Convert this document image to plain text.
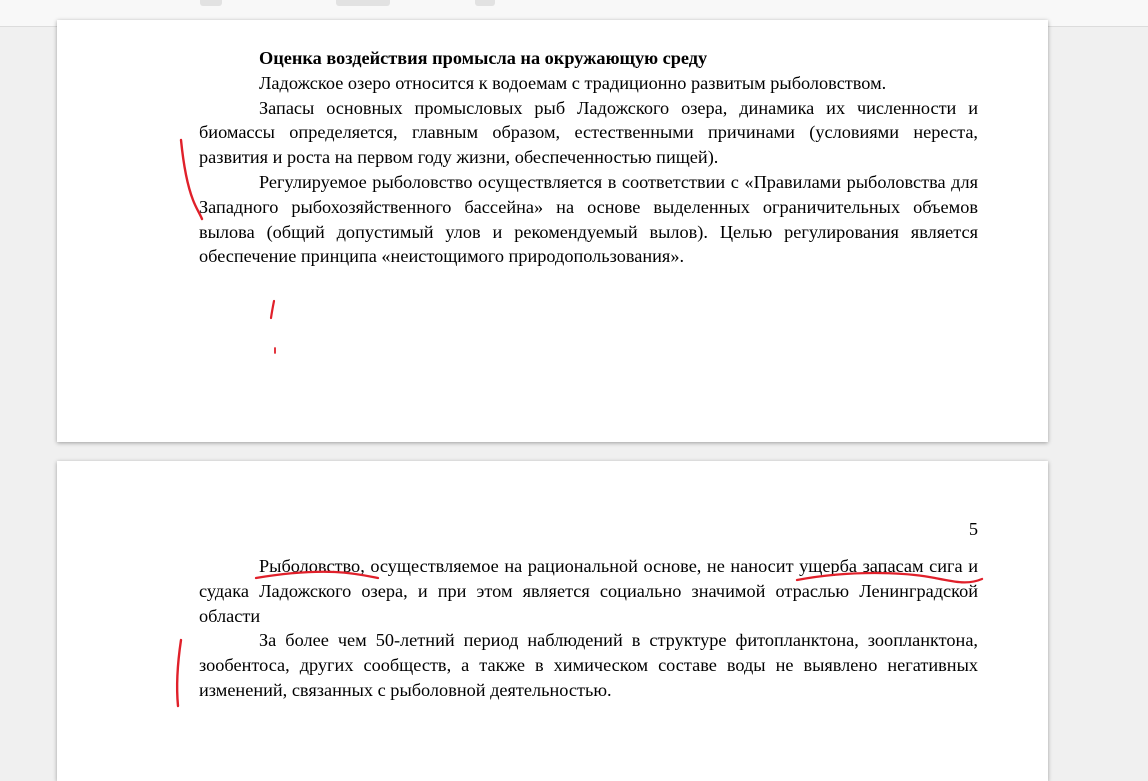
Оценка воздействия промысла на окружающую среду

Ладожское озеро относится к водоемам с традиционно развитым рыболовством.

Запасы основных промысловых рыб Ладожского озера, динамика их численности и биомассы определяется, главным образом, естественными причинами (условиями нереста, развития и роста на первом году жизни, обеспеченностью пищей).

Регулируемое рыболовство осуществляется в соответствии с «Правилами рыболовства для Западного рыбохозяйственного бассейна» на основе выделенных ограничительных объемов вылова (общий допустимый улов и рекомендуемый вылов). Целью регулирования является обеспечение принципа «неистощимого природопользования».

5

Рыболовство, осуществляемое на рациональной основе, не наносит ущерба запасам сига и судака Ладожского озера, и при этом является социально значимой отраслью Ленинградской области

За более чем 50-летний период наблюдений в структуре фитопланктона, зоопланктона, зообентоса, других сообществ, а также в химическом составе воды не выявлено негативных изменений, связанных с рыболовной деятельностью.
